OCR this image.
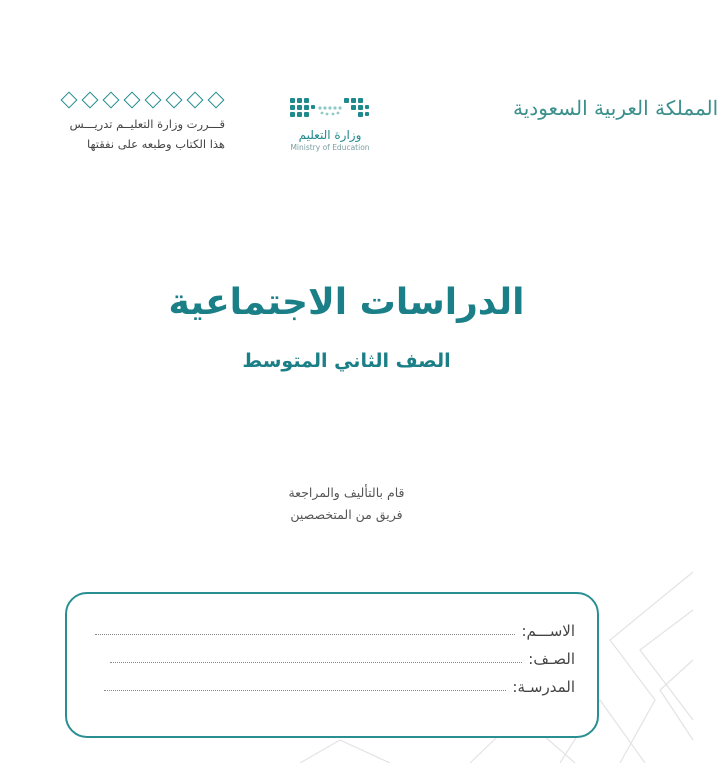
المملكة العربية السعودية
وزارة التعليم
Ministry of Education
قـــررت وزارة التعليــم تدريـــس
هذا الكتاب وطبعه على نفقتها
الدراسات الاجتماعية
الصف الثاني المتوسط
قام بالتأليف والمراجعة
فريق من المتخصصين
الاســـم:
الصـف:
المدرسـة:
